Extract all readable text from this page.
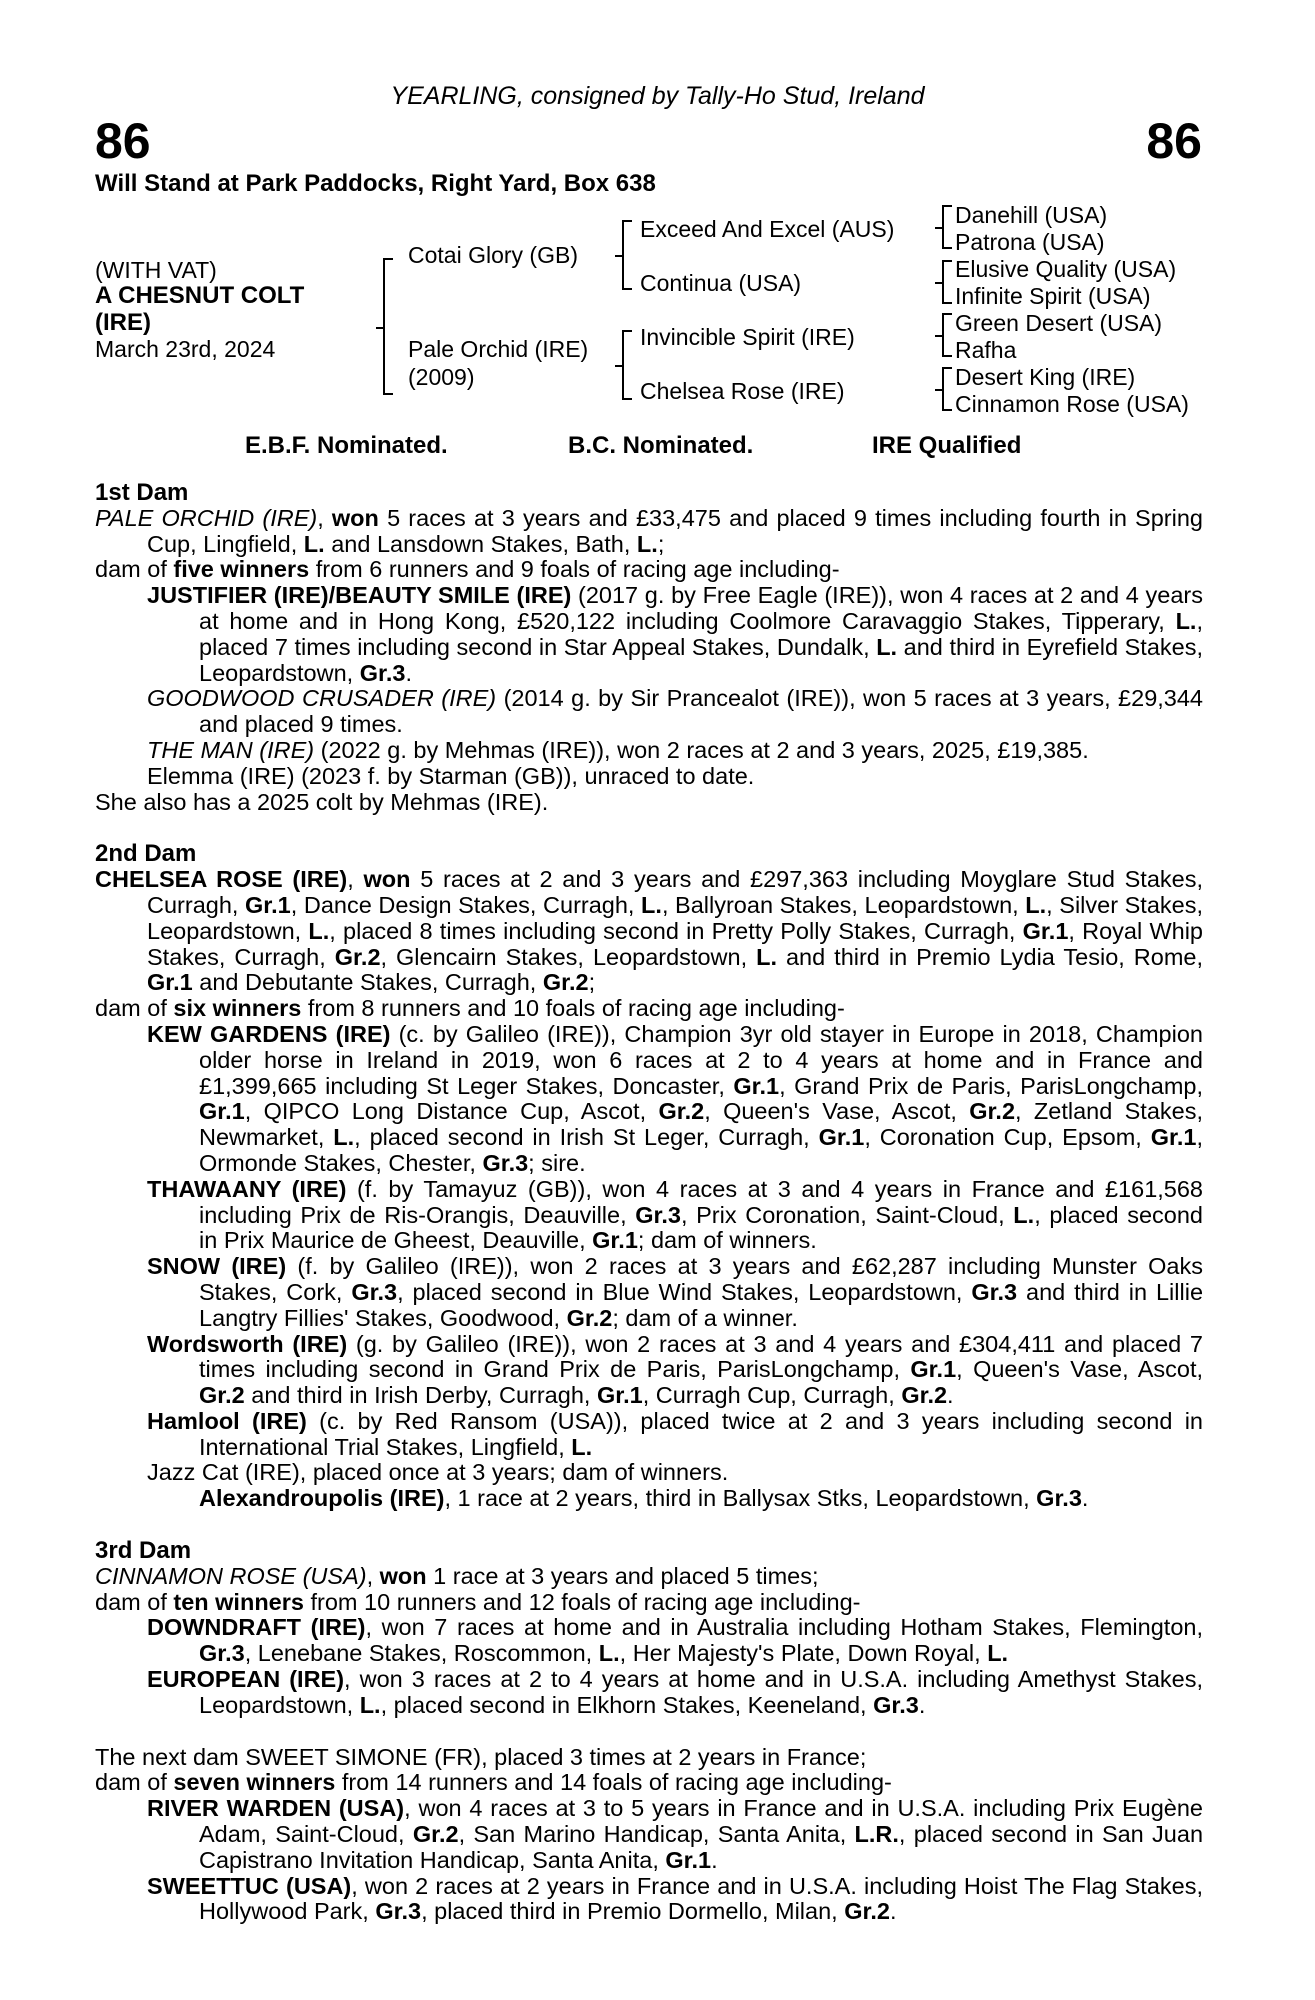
YEARLING, consigned by Tally-Ho Stud, Ireland
86	86
Will Stand at Park Paddocks, Right Yard, Box 638
(WITH VAT)
A CHESNUT COLT
(IRE)
March 23rd, 2024
Cotai Glory (GB)
Pale Orchid (IRE)
(2009)
Exceed And Excel (AUS)
Continua (USA)
Invincible Spirit (IRE)
Chelsea Rose (IRE)
Danehill (USA)
Patrona (USA)
Elusive Quality (USA)
Infinite Spirit (USA)
Green Desert (USA)
Rafha
Desert King (IRE)
Cinnamon Rose (USA)
E.B.F. Nominated.	B.C. Nominated.	IRE Qualified

1st Dam

PALE ORCHID (IRE), won 5 races at 3 years and £33,475 and placed 9 times including fourth in Spring Cup, Lingfield, L. and Lansdown Stakes, Bath, L.;

dam of five winners from 6 runners and 9 foals of racing age including-

JUSTIFIER (IRE)/BEAUTY SMILE (IRE) (2017 g. by Free Eagle (IRE)), won 4 races at 2 and 4 years at home and in Hong Kong, £520,122 including Coolmore Caravaggio Stakes, Tipperary, L., placed 7 times including second in Star Appeal Stakes, Dundalk, L. and third in Eyrefield Stakes, Leopardstown, Gr.3.

GOODWOOD CRUSADER (IRE) (2014 g. by Sir Prancealot (IRE)), won 5 races at 3 years, £29,344 and placed 9 times.

THE MAN (IRE) (2022 g. by Mehmas (IRE)), won 2 races at 2 and 3 years, 2025, £19,385.

Elemma (IRE) (2023 f. by Starman (GB)), unraced to date.

She also has a 2025 colt by Mehmas (IRE).

2nd Dam

CHELSEA ROSE (IRE), won 5 races at 2 and 3 years and £297,363 including Moyglare Stud Stakes, Curragh, Gr.1, Dance Design Stakes, Curragh, L., Ballyroan Stakes, Leopardstown, L., Silver Stakes, Leopardstown, L., placed 8 times including second in Pretty Polly Stakes, Curragh, Gr.1, Royal Whip Stakes, Curragh, Gr.2, Glencairn Stakes, Leopardstown, L. and third in Premio Lydia Tesio, Rome, Gr.1 and Debutante Stakes, Curragh, Gr.2;

dam of six winners from 8 runners and 10 foals of racing age including-

KEW GARDENS (IRE) (c. by Galileo (IRE)), Champion 3yr old stayer in Europe in 2018, Champion older horse in Ireland in 2019, won 6 races at 2 to 4 years at home and in France and £1,399,665 including St Leger Stakes, Doncaster, Gr.1, Grand Prix de Paris, ParisLongchamp, Gr.1, QIPCO Long Distance Cup, Ascot, Gr.2, Queen's Vase, Ascot, Gr.2, Zetland Stakes, Newmarket, L., placed second in Irish St Leger, Curragh, Gr.1, Coronation Cup, Epsom, Gr.1, Ormonde Stakes, Chester, Gr.3; sire.

THAWAANY (IRE) (f. by Tamayuz (GB)), won 4 races at 3 and 4 years in France and £161,568 including Prix de Ris-Orangis, Deauville, Gr.3, Prix Coronation, Saint-Cloud, L., placed second in Prix Maurice de Gheest, Deauville, Gr.1; dam of winners.

SNOW (IRE) (f. by Galileo (IRE)), won 2 races at 3 years and £62,287 including Munster Oaks Stakes, Cork, Gr.3, placed second in Blue Wind Stakes, Leopardstown, Gr.3 and third in Lillie Langtry Fillies' Stakes, Goodwood, Gr.2; dam of a winner.

Wordsworth (IRE) (g. by Galileo (IRE)), won 2 races at 3 and 4 years and £304,411 and placed 7 times including second in Grand Prix de Paris, ParisLongchamp, Gr.1, Queen's Vase, Ascot, Gr.2 and third in Irish Derby, Curragh, Gr.1, Curragh Cup, Curragh, Gr.2.

Hamlool (IRE) (c. by Red Ransom (USA)), placed twice at 2 and 3 years including second in International Trial Stakes, Lingfield, L.

Jazz Cat (IRE), placed once at 3 years; dam of winners.

Alexandroupolis (IRE), 1 race at 2 years, third in Ballysax Stks, Leopardstown, Gr.3.

3rd Dam

CINNAMON ROSE (USA), won 1 race at 3 years and placed 5 times;

dam of ten winners from 10 runners and 12 foals of racing age including-

DOWNDRAFT (IRE), won 7 races at home and in Australia including Hotham Stakes, Flemington, Gr.3, Lenebane Stakes, Roscommon, L., Her Majesty's Plate, Down Royal, L.

EUROPEAN (IRE), won 3 races at 2 to 4 years at home and in U.S.A. including Amethyst Stakes, Leopardstown, L., placed second in Elkhorn Stakes, Keeneland, Gr.3.

The next dam SWEET SIMONE (FR), placed 3 times at 2 years in France;

dam of seven winners from 14 runners and 14 foals of racing age including-

RIVER WARDEN (USA), won 4 races at 3 to 5 years in France and in U.S.A. including Prix Eugène Adam, Saint-Cloud, Gr.2, San Marino Handicap, Santa Anita, L.R., placed second in San Juan Capistrano Invitation Handicap, Santa Anita, Gr.1.

SWEETTUC (USA), won 2 races at 2 years in France and in U.S.A. including Hoist The Flag Stakes, Hollywood Park, Gr.3, placed third in Premio Dormello, Milan, Gr.2.
